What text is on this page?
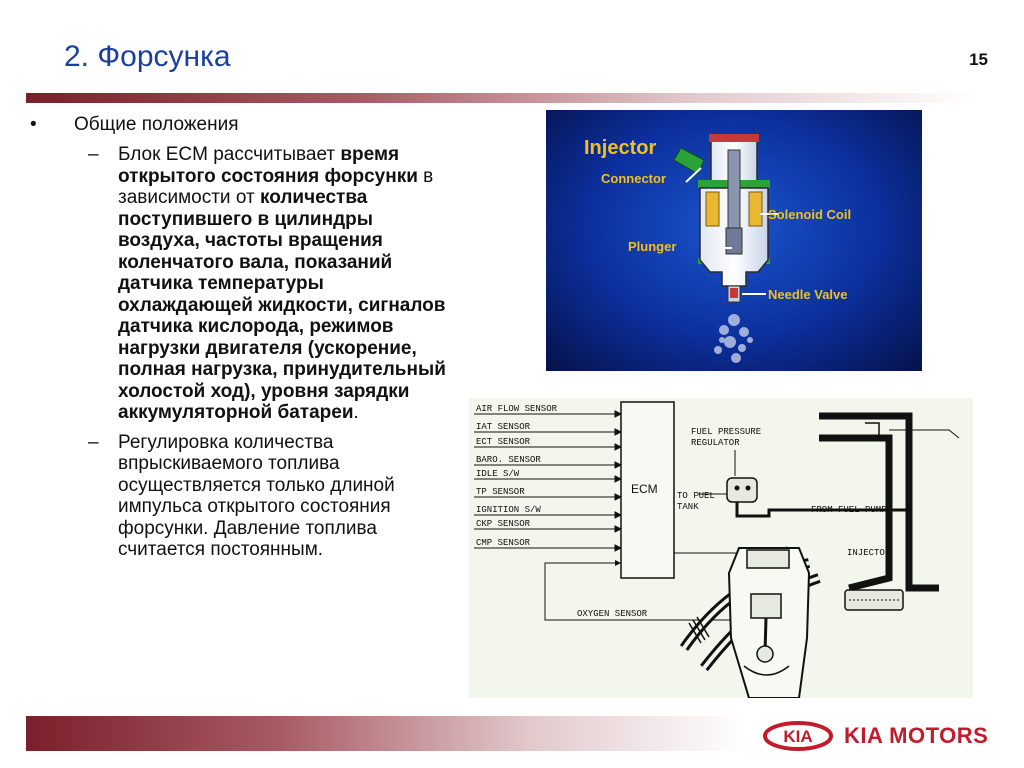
2. Форсунка	15
•	Общие положения
–	Блок ECM рассчитывает время открытого состояния форсунки в зависимости от количества поступившего в цилиндры воздуха, частоты вращения коленчатого вала, показаний датчика температуры охлаждающей жидкости, сигналов датчика кислорода, режимов нагрузки двигателя (ускорение, полная нагрузка, принудительный холостой ход), уровня зарядки аккумуляторной батареи.
–	Регулировка количества впрыскиваемого топлива осуществляется только длиной импульса открытого состояния форсунки. Давление топлива считается постоянным.
Injector
Connector
Solenoid Coil
Plunger
Needle Valve
AIR FLOW SENSOR
IAT SENSOR
ECT SENSOR
BARO. SENSOR
IDLE S/W
TP SENSOR
IGNITION S/W
CKP SENSOR
CMP SENSOR
ECM
OXYGEN SENSOR
FUEL PRESSURE
REGULATOR
TO FUEL
TANK	FROM FUEL PUMP
INJECTOR
KIA KIA MOTORS
